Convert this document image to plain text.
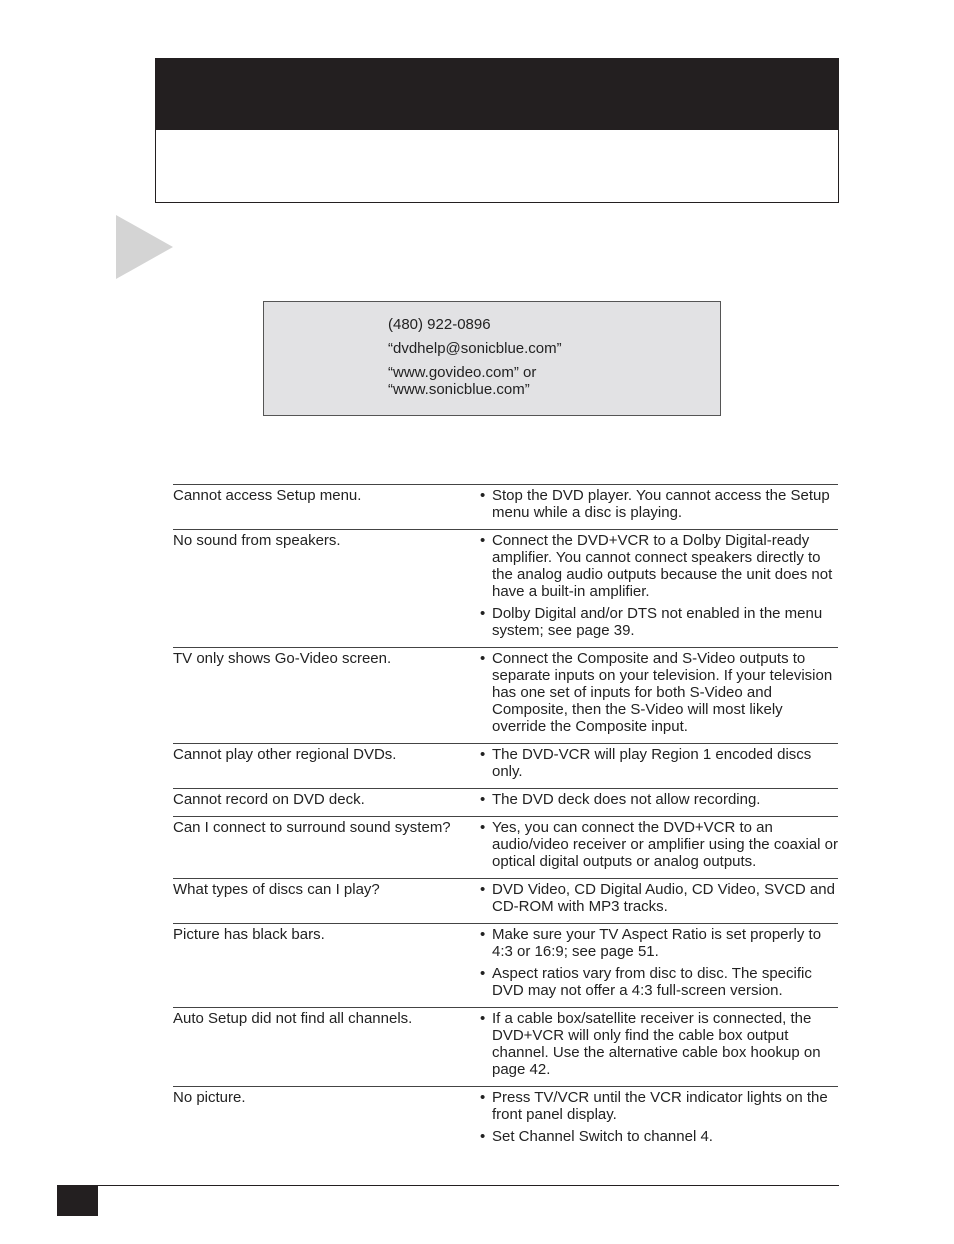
(480) 922-0896
“dvdhelp@sonicblue.com”
“www.govideo.com” or
“www.sonicblue.com”
Cannot access Setup menu.	• Stop the DVD player. You cannot access the Setup menu while a disc is playing.
No sound from speakers.	• Connect the DVD+VCR to a Dolby Digital-ready amplifier. You cannot connect speakers directly to the analog audio outputs because the unit does not have a built-in amplifier.
• Dolby Digital and/or DTS not enabled in the menu system; see page 39.
TV only shows Go-Video screen.	• Connect the Composite and S-Video outputs to separate inputs on your television. If your television has one set of inputs for both S-Video and Composite, then the S-Video will most likely override the Composite input.
Cannot play other regional DVDs.	• The DVD-VCR will play Region 1 encoded discs only.
Cannot record on DVD deck.	• The DVD deck does not allow recording.
Can I connect to surround sound system?	• Yes, you can connect the DVD+VCR to an audio/video receiver or amplifier using the coaxial or optical digital outputs or analog outputs.
What types of discs can I play?	• DVD Video, CD Digital Audio, CD Video, SVCD and CD-ROM with MP3 tracks.
Picture has black bars.	• Make sure your TV Aspect Ratio is set properly to 4:3 or 16:9; see page 51.
• Aspect ratios vary from disc to disc. The specific DVD may not offer a 4:3 full-screen version.
Auto Setup did not find all channels.	• If a cable box/satellite receiver is connected, the DVD+VCR will only find the cable box output channel. Use the alternative cable box hookup on page 42.
No picture.	• Press TV/VCR until the VCR indicator lights on the front panel display.
• Set Channel Switch to channel 4.
